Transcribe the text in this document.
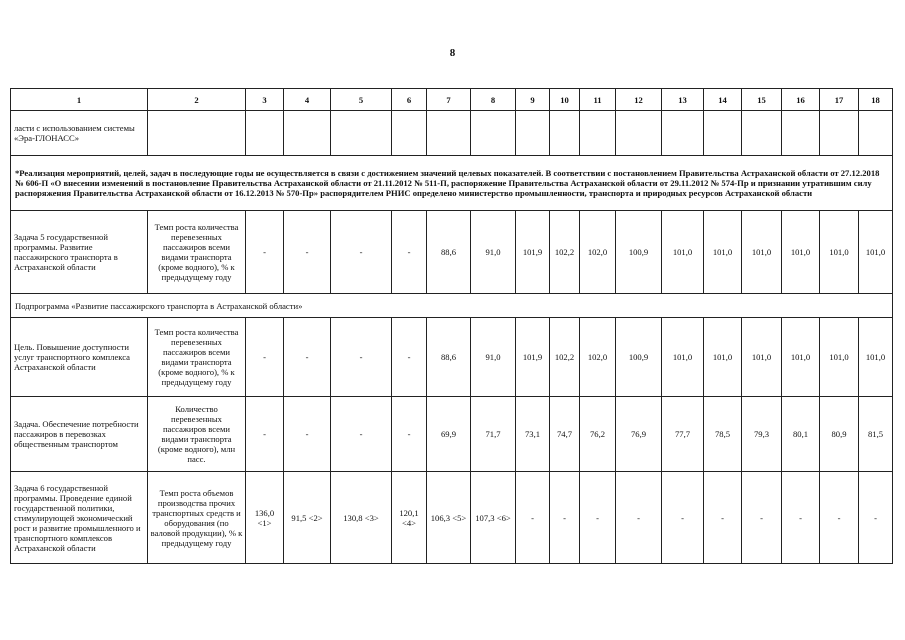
8
1	2	3	4	5	6	7	8	9	10	11	12	13	14	15	16	17	18
ласти с использованием системы «Эра-ГЛОНАСС»																	
*Реализация мероприятий, целей, задач в последующие годы не осуществляется в связи с достижением значений целевых показателей. В соответствии с постановлением Правительства Астраханской области от 27.12.2018 № 606-П «О внесении изменений в постановление Правительства Астраханской области от 21.11.2012 № 511-П, распоряжение Правительства Астраханской области от 29.11.2012 № 574-Пр и признании утратившим силу распоряжения Правительства Астраханской области от 16.12.2013 № 570-Пр» распорядителем РНИС определено министерство промышленности, транспорта и природных ресурсов Астраханской области																	
Задача 5 государственной программы. Развитие пассажирского транспорта в Астраханской области	Темп роста количества перевезенных пассажиров всеми видами транспорта (кроме водного), % к предыдущему году	-	-	-	-	88,6	91,0	101,9	102,2	102,0	100,9	101,0	101,0	101,0	101,0	101,0	101,0
Подпрограмма «Развитие пассажирского транспорта в Астраханской области»																	
Цель. Повышение доступности услуг транспортного комплекса Астраханской области	Темп роста количества перевезенных пассажиров всеми видами транспорта (кроме водного), % к предыдущему году	-	-	-	-	88,6	91,0	101,9	102,2	102,0	100,9	101,0	101,0	101,0	101,0	101,0	101,0
Задача. Обеспечение потребности пассажиров в перевозках общественным транспортом	Количество перевезенных пассажиров всеми видами транспорта (кроме водного), млн пасс.	-	-	-	-	69,9	71,7	73,1	74,7	76,2	76,9	77,7	78,5	79,3	80,1	80,9	81,5
Задача 6 государственной программы. Проведение единой государственной политики, стимулирующей экономический рост и развитие промышленного и транспортного комплексов Астраханской области	Темп роста объемов производства прочих транспортных средств и оборудования (по валовой продукции), % к предыдущему году	136,0 <1>	91,5 <2>	130,8 <3>	120,1 <4>	106,3 <5>	107,3 <6>	-	-	-	-	-	-	-	-	-	-
